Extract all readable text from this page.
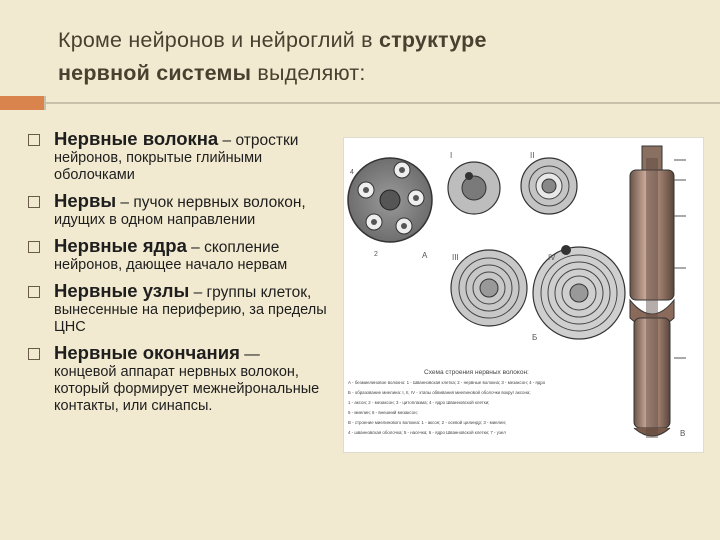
Кроме нейронов и нейроглий в структуре
нервной системы выделяют:
Нервные волокна – отростки
нейронов, покрытые глийными оболочками
Нервы – пучок нервных волокон,
идущих в одном направлении
Нервные ядра – скопление
нейронов, дающее начало нервам
Нервные узлы – группы клеток,
вынесенные на периферию, за пределы ЦНС
Нервные окончания —
концевой аппарат нервных волокон, который формирует межнейрональные контакты, или синапсы.
4
2	А
I	II
III	IV
Б
В
Схема строения нервных волокон:
А - безмиелиновое волокно: 1 - Шванновская клетка; 2 - нервные волокна; 3 - мезаксон; 4 - ядро
Б - образование миелина: I, II, IV - этапы обвивания миелиновой оболочки вокруг аксона;
1 - аксон; 2 - мезаксон; 3 - цитоплазма; 4 - ядро Шванновской клетки;
5 - миелин; 6 - внешний мезаксон;
В - строение миелинового волокна: 1 - аксон; 2 - осевой цилиндр; 3 - миелин;
4 - шванновская оболочка; 5 - насечка; 6 - ядро Шванновской клетки; 7 - узел
